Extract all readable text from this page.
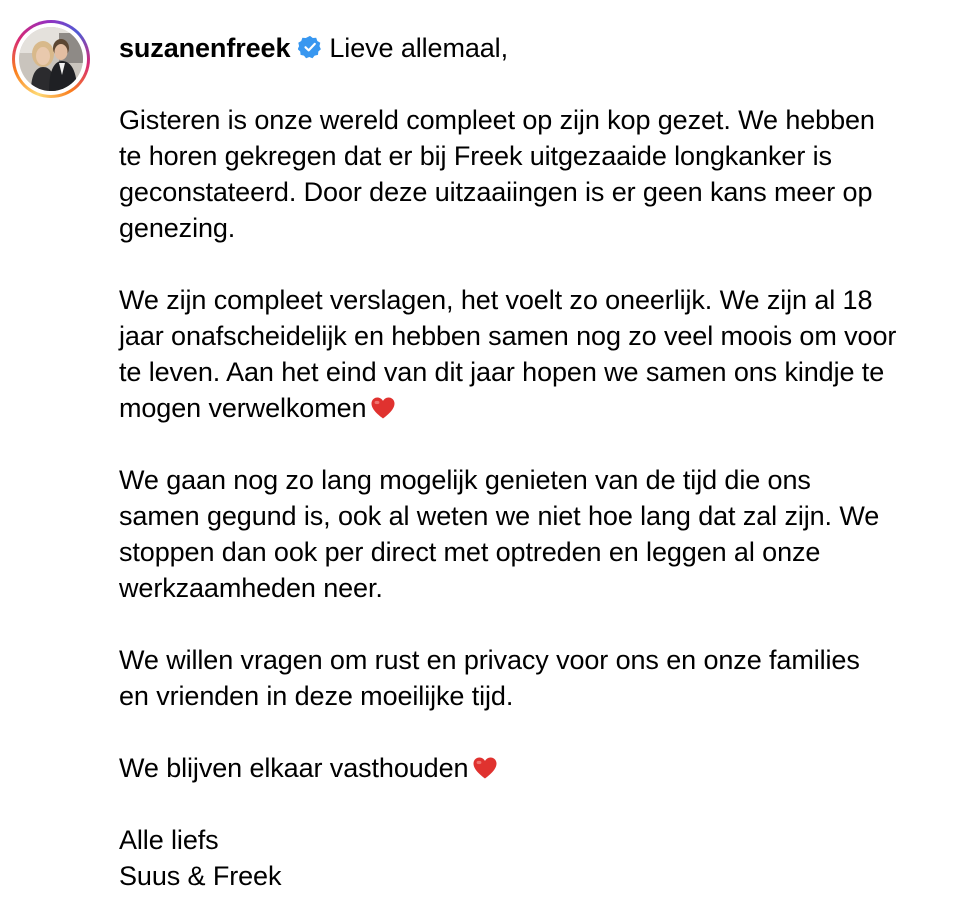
suzanenfreek Lieve allemaal,
Gisteren is onze wereld compleet op zijn kop gezet. We hebben
te horen gekregen dat er bij Freek uitgezaaide longkanker is
geconstateerd. Door deze uitzaaiingen is er geen kans meer op
genezing.
We zijn compleet verslagen, het voelt zo oneerlijk. We zijn al 18
jaar onafscheidelijk en hebben samen nog zo veel moois om voor
te leven. Aan het eind van dit jaar hopen we samen ons kindje te
mogen verwelkomen
We gaan nog zo lang mogelijk genieten van de tijd die ons
samen gegund is, ook al weten we niet hoe lang dat zal zijn. We
stoppen dan ook per direct met optreden en leggen al onze
werkzaamheden neer.
We willen vragen om rust en privacy voor ons en onze families
en vrienden in deze moeilijke tijd.
We blijven elkaar vasthouden
Alle liefs
Suus & Freek
